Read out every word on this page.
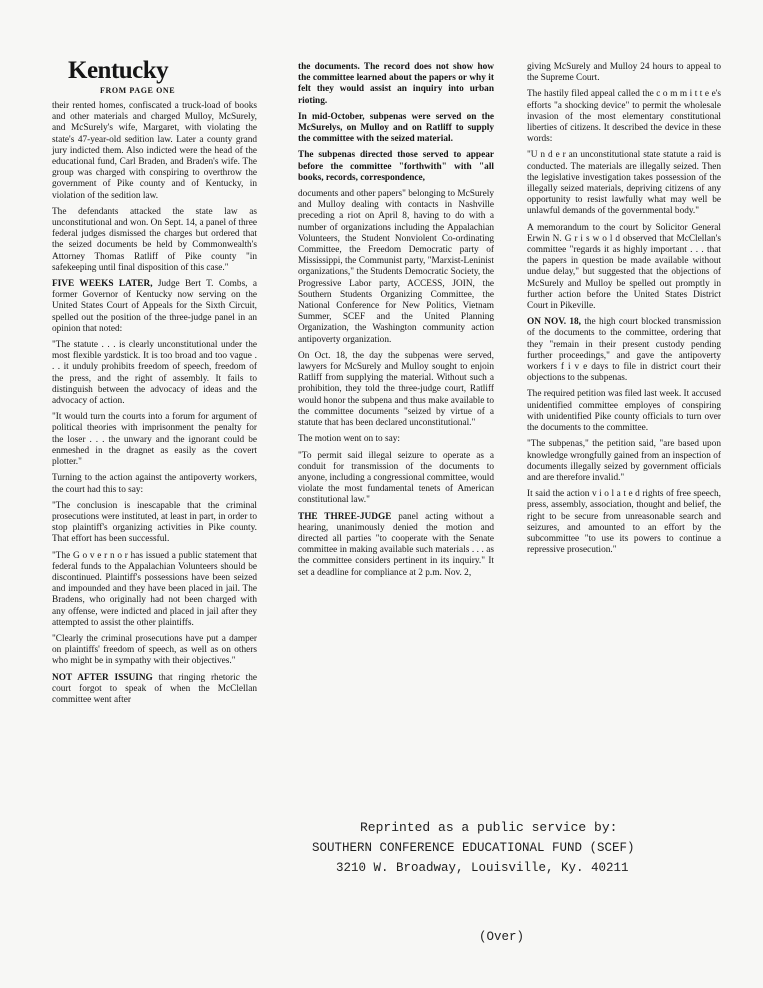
Kentucky
FROM PAGE ONE

their rented homes, confiscated a truck-load of books and other materials and charged Mulloy, McSurely, and McSurely's wife, Margaret, with violating the state's 47-year-old sedition law. Later a county grand jury indicted them. Also indicted were the head of the educational fund, Carl Braden, and Braden's wife. The group was charged with conspiring to overthrow the government of Pike county and of Kentucky, in violation of the sedition law.

The defendants attacked the state law as unconstitutional and won. On Sept. 14, a panel of three federal judges dismissed the charges but ordered that the seized documents be held by Commonwealth's Attorney Thomas Ratliff of Pike county "in safekeeping until final disposition of this case."

FIVE WEEKS LATER, Judge Bert T. Combs, a former Governor of Kentucky now serving on the United States Court of Appeals for the Sixth Circuit, spelled out the position of the three-judge panel in an opinion that noted:

"The statute . . . is clearly unconstitutional under the most flexible yardstick. It is too broad and too vague . . . it unduly prohibits freedom of speech, freedom of the press, and the right of assembly. It fails to distinguish between the advocacy of ideas and the advocacy of action.

"It would turn the courts into a forum for argument of political theories with imprisonment the penalty for the loser . . . the unwary and the ignorant could be enmeshed in the dragnet as easily as the covert plotter."

Turning to the action against the antipoverty workers, the court had this to say:

"The conclusion is inescapable that the criminal prosecutions were instituted, at least in part, in order to stop plaintiff's organizing activities in Pike county. That effort has been successful.

"The G o v e r n o r has issued a public statement that federal funds to the Appalachian Volunteers should be discontinued. Plaintiff's possessions have been seized and impounded and they have been placed in jail. The Bradens, who originally had not been charged with any offense, were indicted and placed in jail after they attempted to assist the other plaintiffs.

"Clearly the criminal prosecutions have put a damper on plaintiffs' freedom of speech, as well as on others who might be in sympathy with their objectives."

NOT AFTER ISSUING that ringing rhetoric the court forgot to speak of when the McClellan committee went after

the documents. The record does not show how the committee learned about the papers or why it felt they would assist an inquiry into urban rioting.

In mid-October, subpenas were served on the McSurelys, on Mulloy and on Ratliff to supply the committee with the seized material.

The subpenas directed those served to appear before the committee "forthwith" with "all books, records, correspondence,

documents and other papers" belonging to McSurely and Mulloy dealing with contacts in Nashville preceding a riot on April 8, having to do with a number of organizations including the Appalachian Volunteers, the Student Nonviolent Co-ordinating Committee, the Freedom Democratic party of Mississippi, the Communist party, "Marxist-Leninist organizations," the Students Democratic Society, the Progressive Labor party, ACCESS, JOIN, the Southern Students Organizing Committee, the National Conference for New Politics, Vietnam Summer, SCEF and the United Planning Organization, the Washington community action antipoverty organization.

On Oct. 18, the day the subpenas were served, lawyers for McSurely and Mulloy sought to enjoin Ratliff from supplying the material. Without such a prohibition, they told the three-judge court, Ratliff would honor the subpena and thus make available to the committee documents "seized by virtue of a statute that has been declared unconstitutional."

The motion went on to say:

"To permit said illegal seizure to operate as a conduit for transmission of the documents to anyone, including a congressional committee, would violate the most fundamental tenets of American constitutional law."

THE THREE-JUDGE panel acting without a hearing, unanimously denied the motion and directed all parties "to cooperate with the Senate committee in making available such materials . . . as the committee considers pertinent in its inquiry." It set a deadline for compliance at 2 p.m. Nov. 2,

giving McSurely and Mulloy 24 hours to appeal to the Supreme Court.

The hastily filed appeal called the c o m m i t t e e's efforts "a shocking device" to permit the wholesale invasion of the most elementary constitutional liberties of citizens. It described the device in these words:

"U n d e r an unconstitutional state statute a raid is conducted. The materials are illegally seized. Then the legislative investigation takes possession of the illegally seized materials, depriving citizens of any opportunity to resist lawfully what may well be unlawful demands of the governmental body."

A memorandum to the court by Solicitor General Erwin N. G r i s w o l d observed that McClellan's committee "regards it as highly important . . . that the papers in question be made available without undue delay," but suggested that the objections of McSurely and Mulloy be spelled out promptly in further action before the United States District Court in Pikeville.

ON NOV. 18, the high court blocked transmission of the documents to the committee, ordering that they "remain in their present custody pending further proceedings," and gave the antipoverty workers f i v e days to file in district court their objections to the subpenas.

The required petition was filed last week. It accused unidentified committee employes of conspiring with unidentified Pike county officials to turn over the documents to the committee.

"The subpenas," the petition said, "are based upon knowledge wrongfully gained from an inspection of documents illegally seized by government officials and are therefore invalid."

It said the action v i o l a t e d rights of free speech, press, assembly, association, thought and belief, the right to be secure from unreasonable search and seizures, and amounted to an effort by the subcommittee "to use its powers to continue a repressive prosecution."

Reprinted as a public service by:
SOUTHERN CONFERENCE EDUCATIONAL FUND (SCEF)
3210 W. Broadway, Louisville, Ky. 40211
(Over)
